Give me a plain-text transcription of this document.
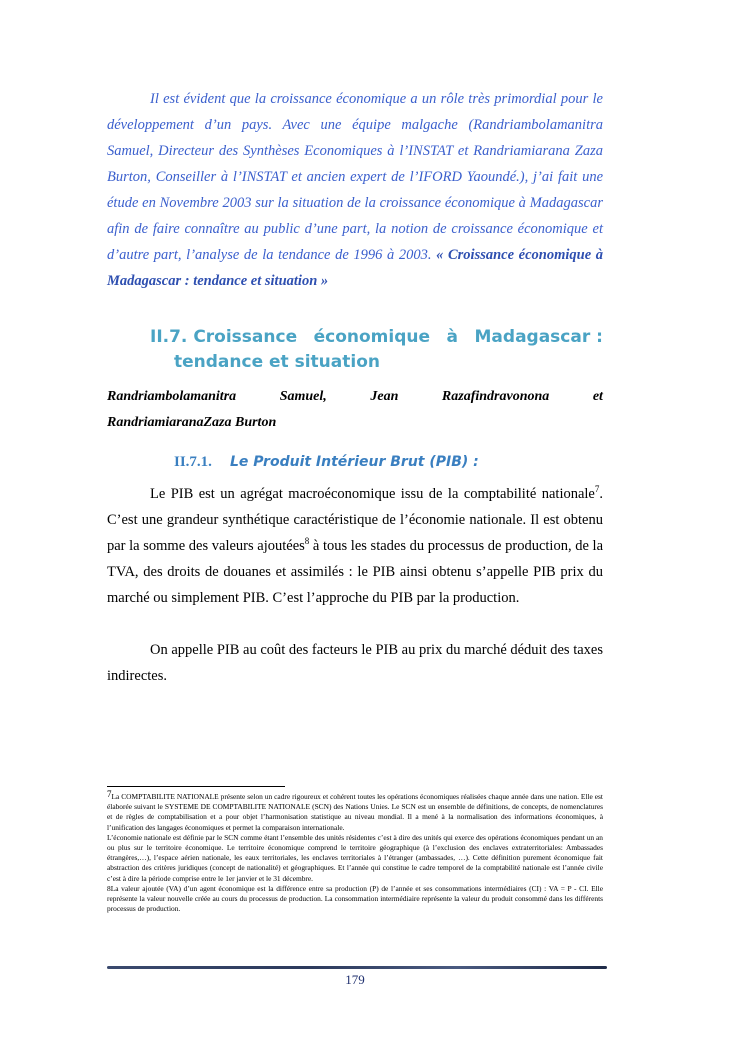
Il est évident que la croissance économique a un rôle très primordial pour le développement d’un pays. Avec une équipe malgache (Randriambolamanitra Samuel, Directeur des Synthèses Economiques à l’INSTAT et Randriamiarana Zaza Burton, Conseiller à l’INSTAT et ancien expert de l’IFORD Yaoundé.), j’ai fait une étude en Novembre 2003 sur la situation de la croissance économique à Madagascar afin de faire connaître au public d’une part, la notion de croissance économique et d’autre part, l’analyse de la tendance de 1996 à 2003. « Croissance économique à Madagascar : tendance et situation »

II.7. Croissance économique à Madagascar :
tendance et situation
Randriambolamanitra	Samuel,	Jean	Razafindravonona	et
RandriamiaranaZaza Burton
II.7.1. Le Produit Intérieur Brut (PIB) :

Le PIB est un agrégat macroéconomique issu de la comptabilité nationale$^7$. C’est une grandeur synthétique caractéristique de l’économie nationale. Il est obtenu par la somme des valeurs ajoutées$^8$ à tous les stades du processus de production, de la TVA, des droits de douanes et assimilés : le PIB ainsi obtenu s’appelle PIB prix du marché ou simplement PIB. C’est l’approche du PIB par la production.

On appelle PIB au coût des facteurs le PIB au prix du marché déduit des taxes indirectes.

$^7$La COMPTABILITE NATIONALE présente selon un cadre rigoureux et cohérent toutes les opérations économiques réalisées chaque année dans une nation. Elle est élaborée suivant le SYSTEME DE COMPTABILITE NATIONALE (SCN) des Nations Unies. Le SCN est un ensemble de définitions, de concepts, de nomenclatures et de règles de comptabilisation et a pour objet l’harmonisation statistique au niveau mondial. Il a mené à la normalisation des informations économiques, à l’unification des langages économiques et permet la comparaison internationale.

L’économie nationale est définie par le SCN comme étant l’ensemble des unités résidentes c’est à dire des unités qui exerce des opérations économiques pendant un an ou plus sur le territoire économique. Le territoire économique comprend le territoire géographique (à l’exclusion des enclaves extraterritoriales: Ambassades étrangères,…), l’espace aérien nationale, les eaux territoriales, les enclaves territoriales à l’étranger (ambassades, …). Cette définition purement économique fait abstraction des critères juridiques (concept de nationalité) et géographiques. Et l’année qui constitue le cadre temporel de la comptabilité nationale est l’année civile c’est à dire la période comprise entre le 1er janvier et le 31 décembre.

8La valeur ajoutée (VA) d’un agent économique est la différence entre sa production (P) de l’année et ses consommations intermédiaires (CI) : VA = P - CI. Elle représente la valeur nouvelle créée au cours du processus de production. La consommation intermédiaire représente la valeur du produit consommé dans les différents processus de production.

179
